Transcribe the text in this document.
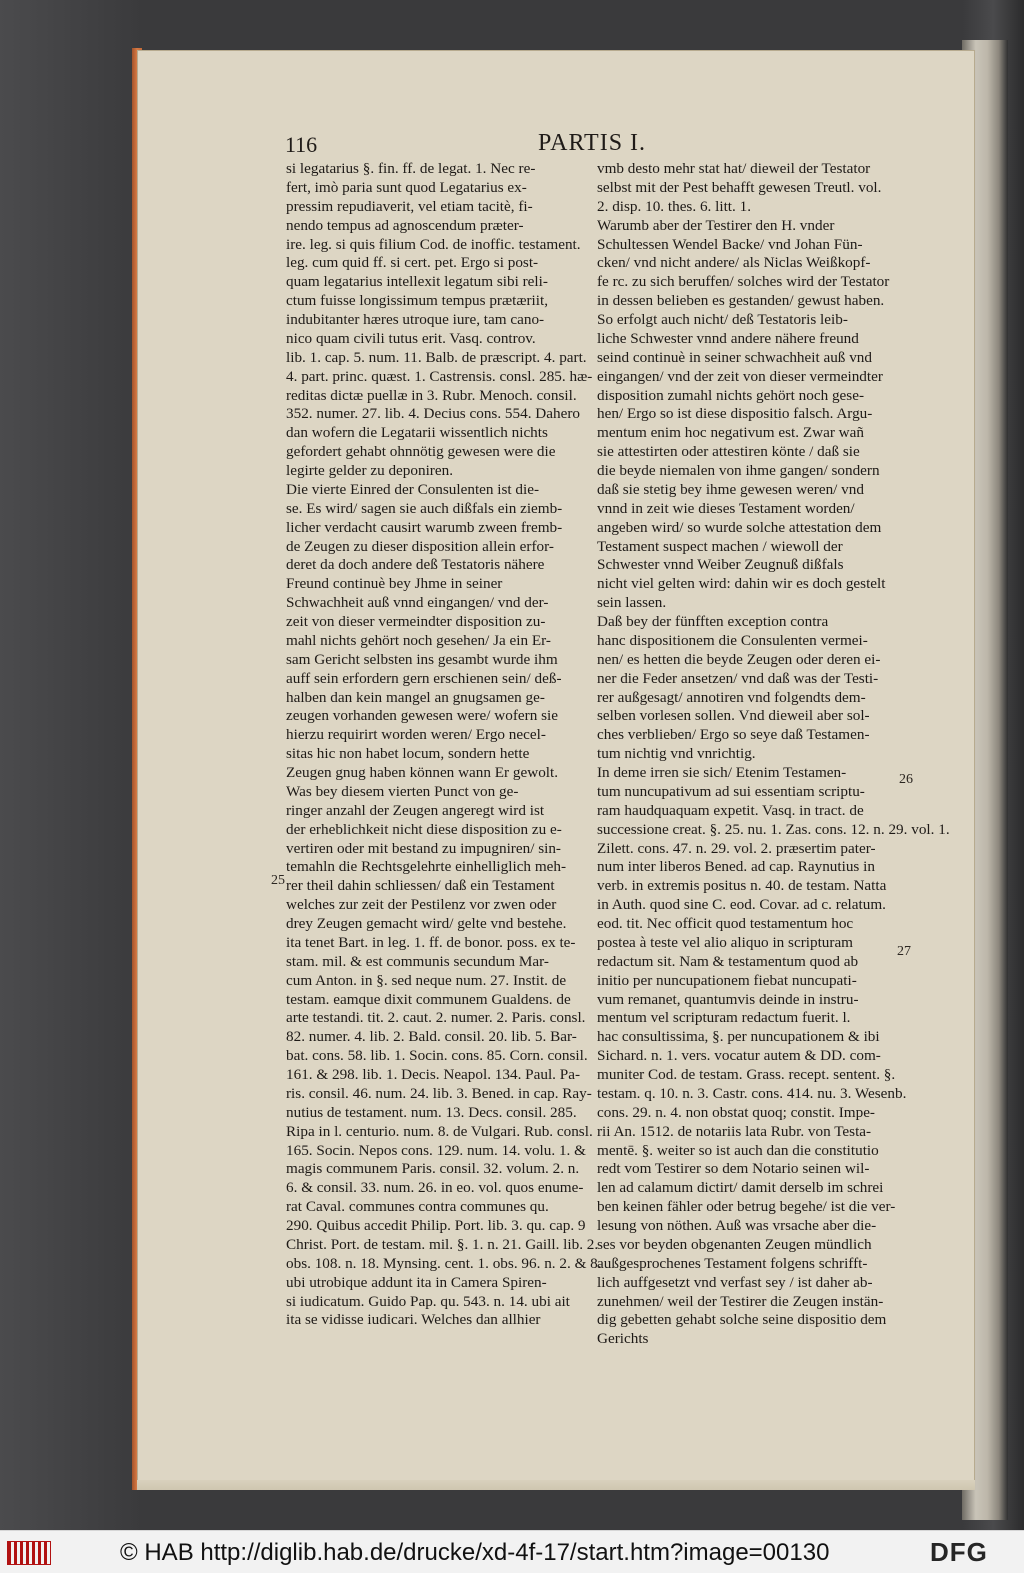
116	PARTIS I.
si legatarius §. fin. ff. de legat. 1. Nec re-
fert, imò paria sunt quod Legatarius ex-
pressim repudiaverit, vel etiam tacitè, fi-
nendo tempus ad agnoscendum præter-
ire. leg. si quis filium Cod. de inoffic. testament.
leg. cum quid ff. si cert. pet. Ergo si post-
quam legatarius intellexit legatum sibi reli-
ctum fuisse longissimum tempus prætæriit,
indubitanter hæres utroque iure, tam cano-
nico quam civili tutus erit. Vasq. controv.
lib. 1. cap. 5. num. 11. Balb. de præscript. 4. part.
4. part. princ. quæst. 1. Castrensis. consl. 285. hæ-
reditas dictæ puellæ in 3. Rubr. Menoch. consil.
352. numer. 27. lib. 4. Decius cons. 554. Dahero
dan wofern die Legatarii wissentlich nichts
gefordert gehabt ohnnötig gewesen were die
legirte gelder zu deponiren.
Die vierte Einred der Consulenten ist die-
se. Es wird/ sagen sie auch dißfals ein ziemb-
licher verdacht causirt warumb zween fremb-
de Zeugen zu dieser disposition allein erfor-
deret da doch andere deß Testatoris nähere
Freund continuè bey Jhme in seiner
Schwachheit auß vnnd eingangen/ vnd der-
zeit von dieser vermeindter disposition zu-
mahl nichts gehört noch gesehen/ Ja ein Er-
sam Gericht selbsten ins gesambt wurde ihm
auff sein erfordern gern erschienen sein/ deß-
halben dan kein mangel an gnugsamen ge-
zeugen vorhanden gewesen were/ wofern sie
hierzu requirirt worden weren/ Ergo necel-
sitas hic non habet locum, sondern hette
Zeugen gnug haben können wann Er gewolt.
Was bey diesem vierten Punct von ge-
ringer anzahl der Zeugen angeregt wird ist
der erheblichkeit nicht diese disposition zu e-
vertiren oder mit bestand zu impugniren/ sin-
temahln die Rechtsgelehrte einhelliglich meh-
rer theil dahin schliessen/ daß ein Testament
welches zur zeit der Pestilenz vor zwen oder
drey Zeugen gemacht wird/ gelte vnd bestehe.
ita tenet Bart. in leg. 1. ff. de bonor. poss. ex te-
stam. mil. & est communis secundum Mar-
cum Anton. in §. sed neque num. 27. Instit. de
testam. eamque dixit communem Gualdens. de
arte testandi. tit. 2. caut. 2. numer. 2. Paris. consl.
82. numer. 4. lib. 2. Bald. consil. 20. lib. 5. Bar-
bat. cons. 58. lib. 1. Socin. cons. 85. Corn. consil.
161. & 298. lib. 1. Decis. Neapol. 134. Paul. Pa-
ris. consil. 46. num. 24. lib. 3. Bened. in cap. Ray-
nutius de testament. num. 13. Decs. consil. 285.
Ripa in l. centurio. num. 8. de Vulgari. Rub. consl.
165. Socin. Nepos cons. 129. num. 14. volu. 1. &
magis communem Paris. consil. 32. volum. 2. n.
6. & consil. 33. num. 26. in eo. vol. quos enume-
rat Caval. communes contra communes qu.
290. Quibus accedit Philip. Port. lib. 3. qu. cap. 9
Christ. Port. de testam. mil. §. 1. n. 21. Gaill. lib. 2.
obs. 108. n. 18. Mynsing. cent. 1. obs. 96. n. 2. & 8.
ubi utrobique addunt ita in Camera Spiren-
si iudicatum. Guido Pap. qu. 543. n. 14. ubi ait
ita se vidisse iudicari. Welches dan allhier
vmb desto mehr stat hat/ dieweil der Testator
selbst mit der Pest behafft gewesen Treutl. vol.
2. disp. 10. thes. 6. litt. 1.
Warumb aber der Testirer den H. vnder
Schultessen Wendel Backe/ vnd Johan Fün-
cken/ vnd nicht andere/ als Niclas Weißkopf-
fe rc. zu sich beruffen/ solches wird der Testator
in dessen belieben es gestanden/ gewust haben.
So erfolgt auch nicht/ deß Testatoris leib-
liche Schwester vnnd andere nähere freund
seind continuè in seiner schwachheit auß vnd
eingangen/ vnd der zeit von dieser vermeindter
disposition zumahl nichts gehört noch gese-
hen/ Ergo so ist diese dispositio falsch. Argu-
mentum enim hoc negativum est. Zwar wañ
sie attestirten oder attestiren könte / daß sie
die beyde niemalen von ihme gangen/ sondern
daß sie stetig bey ihme gewesen weren/ vnd
vnnd in zeit wie dieses Testament worden/
angeben wird/ so wurde solche attestation dem
Testament suspect machen / wiewoll der
Schwester vnnd Weiber Zeugnuß dißfals
nicht viel gelten wird: dahin wir es doch gestelt
sein lassen.
Daß bey der fünfften exception contra
hanc dispositionem die Consulenten vermei-
nen/ es hetten die beyde Zeugen oder deren ei-
ner die Feder ansetzen/ vnd daß was der Testi-
rer außgesagt/ annotiren vnd folgendts dem-
selben vorlesen sollen. Vnd dieweil aber sol-
ches verblieben/ Ergo so seye daß Testamen-
tum nichtig vnd vnrichtig.
In deme irren sie sich/ Etenim Testamen-
tum nuncupativum ad sui essentiam scriptu-
ram haudquaquam expetit. Vasq. in tract. de
successione creat. §. 25. nu. 1. Zas. cons. 12. n. 29. vol. 1.
Zilett. cons. 47. n. 29. vol. 2. præsertim pater-
num inter liberos Bened. ad cap. Raynutius in
verb. in extremis positus n. 40. de testam. Natta
in Auth. quod sine C. eod. Covar. ad c. relatum.
eod. tit. Nec officit quod testamentum hoc
postea à teste vel alio aliquo in scripturam
redactum sit. Nam & testamentum quod ab
initio per nuncupationem fiebat nuncupati-
vum remanet, quantumvis deinde in instru-
mentum vel scripturam redactum fuerit. l.
hac consultissima, §. per nuncupationem & ibi
Sichard. n. 1. vers. vocatur autem & DD. com-
muniter Cod. de testam. Grass. recept. sentent. §.
testam. q. 10. n. 3. Castr. cons. 414. nu. 3. Wesenb.
cons. 29. n. 4. non obstat quoq; constit. Impe-
rii An. 1512. de notariis lata Rubr. von Testa-
mentē. §. weiter so ist auch dan die constitutio
redt vom Testirer so dem Notario seinen wil-
len ad calamum dictirt/ damit derselb im schrei
ben keinen fähler oder betrug begehe/ ist die ver-
lesung von nöthen. Auß was vrsache aber die-
ses vor beyden obgenanten Zeugen mündlich
außgesprochenes Testament folgens schrifft-
lich auffgesetzt vnd verfast sey / ist daher ab-
zunehmen/ weil der Testirer die Zeugen instän-
dig gebetten gehabt solche seine dispositio dem
Gerichts
25
26
27
© HAB http://diglib.hab.de/drucke/xd-4f-17/start.htm?image=00130	DFG
